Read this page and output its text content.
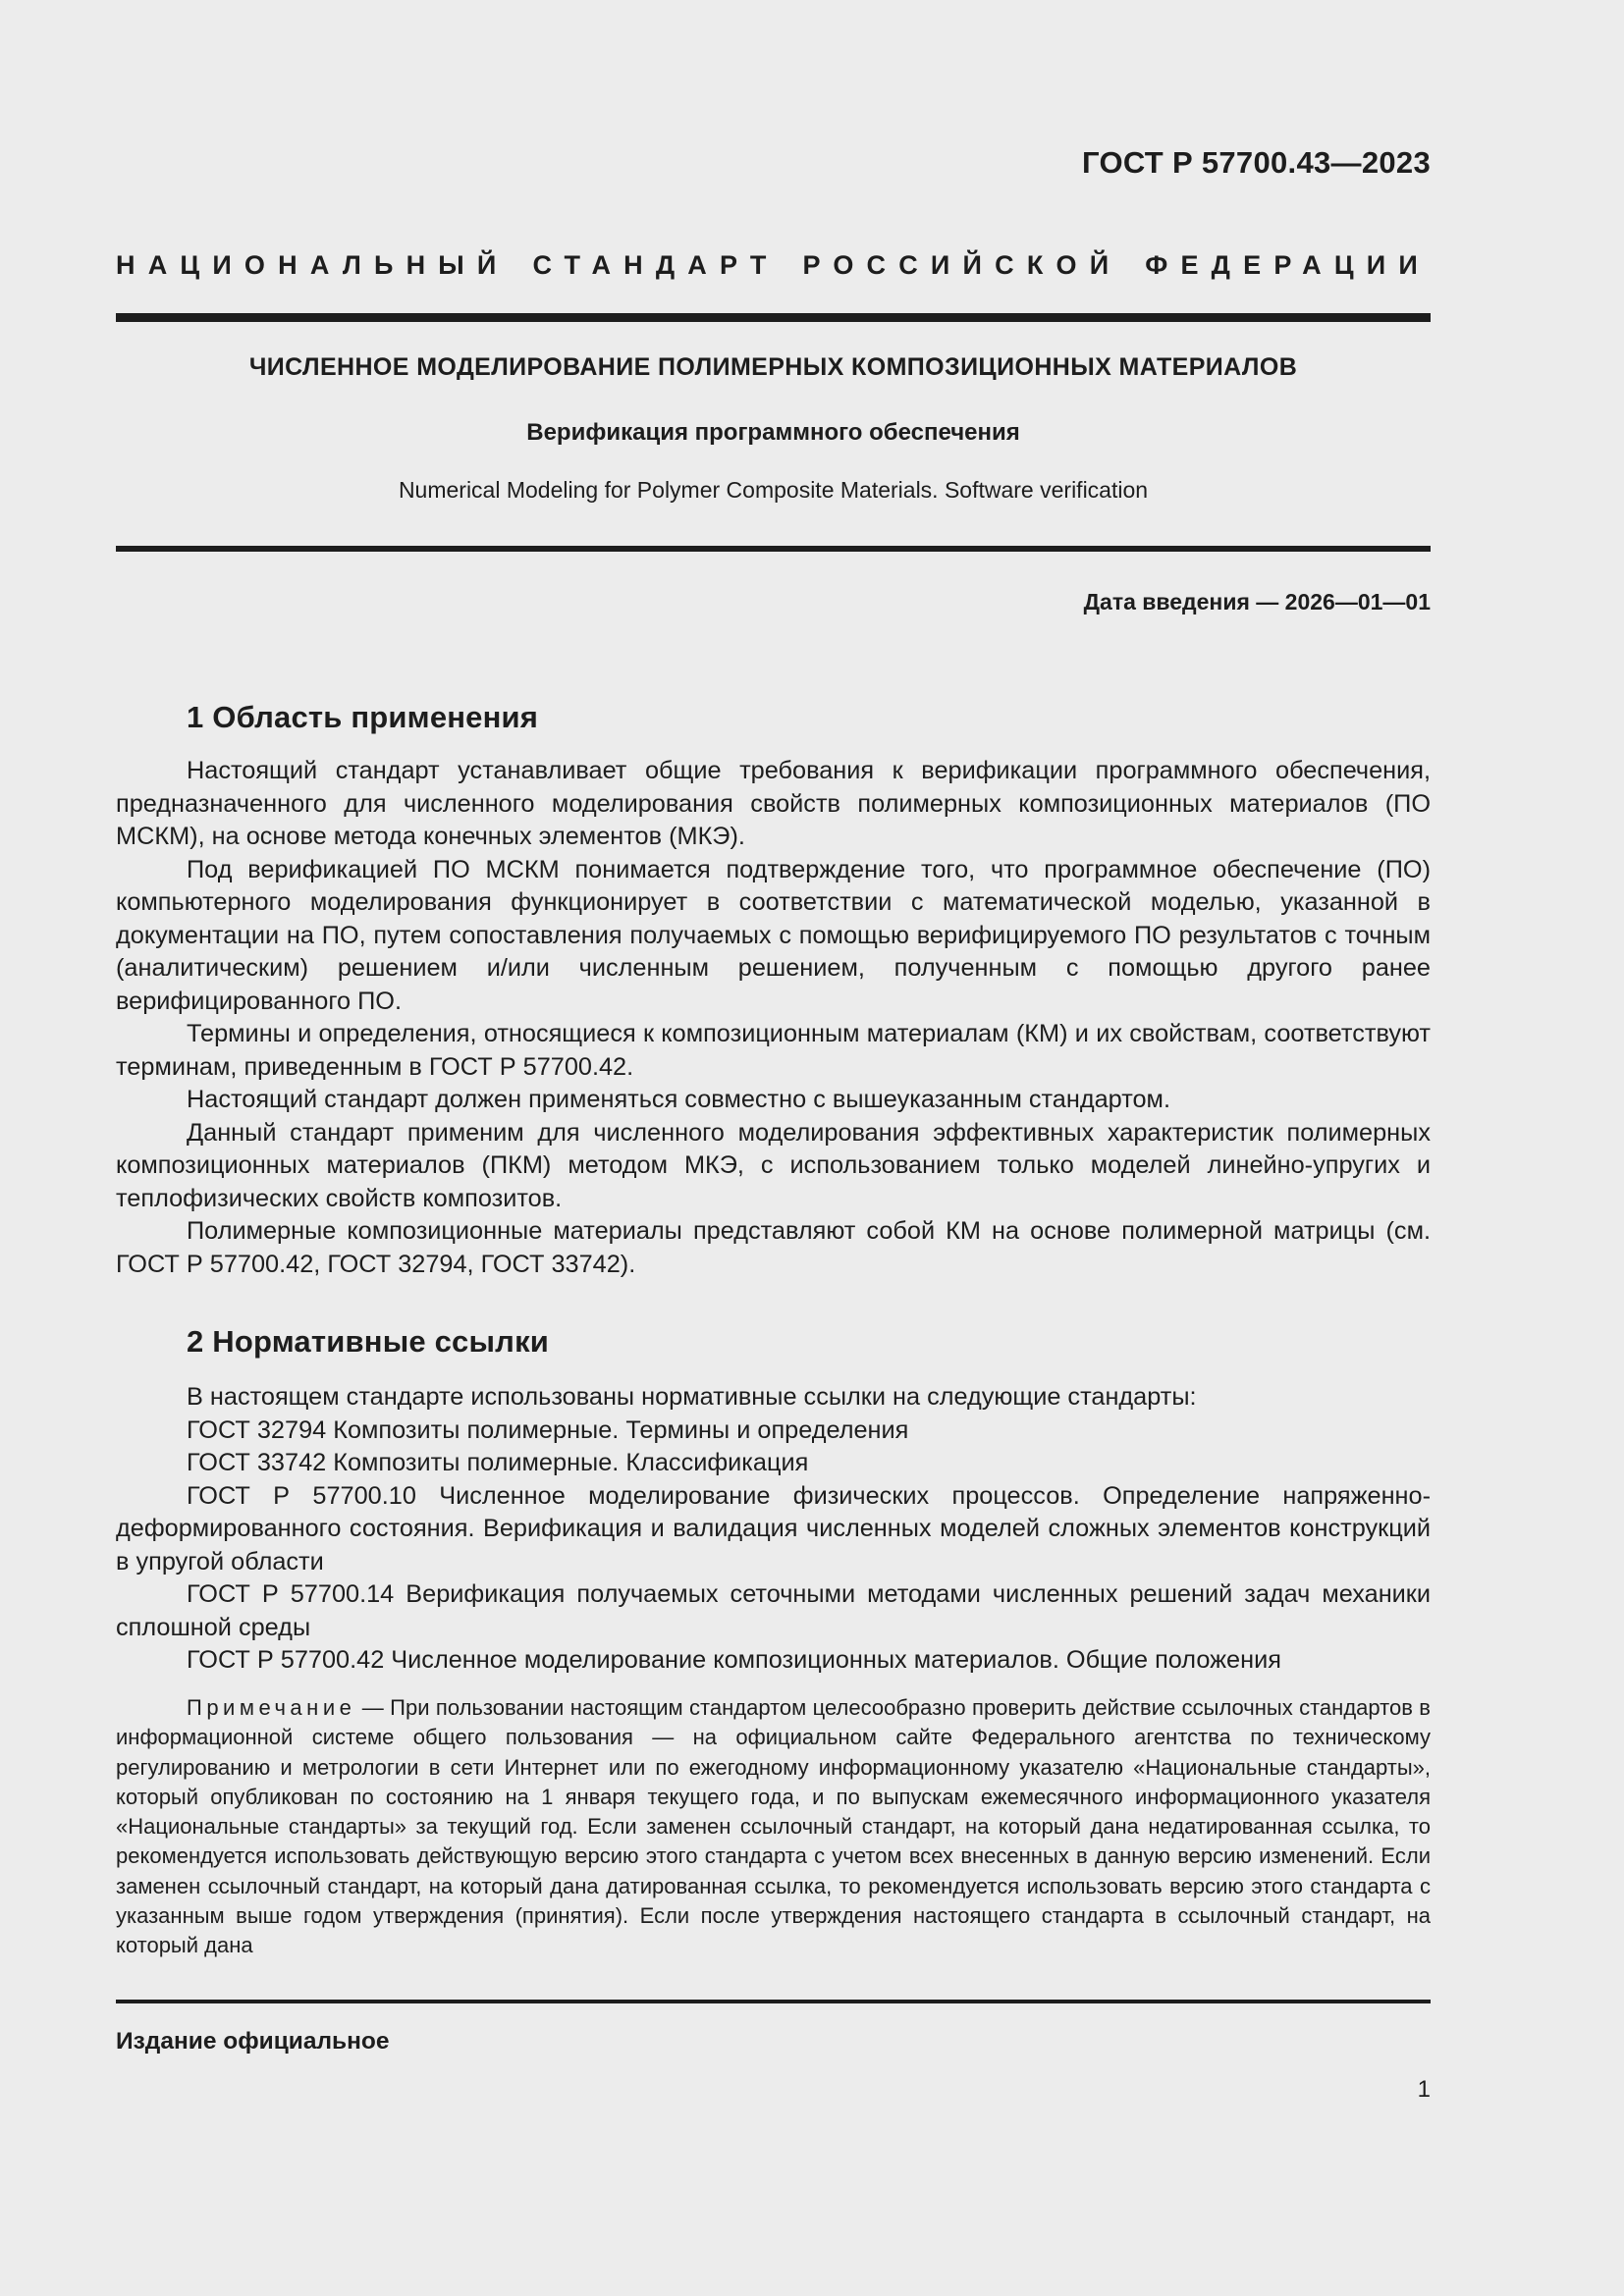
ГОСТ Р 57700.43—2023
НАЦИОНАЛЬНЫЙ СТАНДАРТ РОССИЙСКОЙ ФЕДЕРАЦИИ
ЧИСЛЕННОЕ МОДЕЛИРОВАНИЕ ПОЛИМЕРНЫХ КОМПОЗИЦИОННЫХ МАТЕРИАЛОВ
Верификация программного обеспечения
Numerical Modeling for Polymer Composite Materials. Software verification
Дата введения — 2026—01—01
1 Область применения

Настоящий стандарт устанавливает общие требования к верификации программного обеспечения, предназначенного для численного моделирования свойств полимерных композиционных материалов (ПО МСКМ), на основе метода конечных элементов (МКЭ).

Под верификацией ПО МСКМ понимается подтверждение того, что программное обеспечение (ПО) компьютерного моделирования функционирует в соответствии с математической моделью, указанной в документации на ПО, путем сопоставления получаемых с помощью верифицируемого ПО результатов с точным (аналитическим) решением и/или численным решением, полученным с помощью другого ранее верифицированного ПО.

Термины и определения, относящиеся к композиционным материалам (КМ) и их свойствам, соответствуют терминам, приведенным в ГОСТ Р 57700.42.

Настоящий стандарт должен применяться совместно с вышеуказанным стандартом.

Данный стандарт применим для численного моделирования эффективных характеристик полимерных композиционных материалов (ПКМ) методом МКЭ, с использованием только моделей линейно-упругих и теплофизических свойств композитов.

Полимерные композиционные материалы представляют собой КМ на основе полимерной матрицы (см. ГОСТ Р 57700.42, ГОСТ 32794, ГОСТ 33742).

2 Нормативные ссылки

В настоящем стандарте использованы нормативные ссылки на следующие стандарты:

ГОСТ 32794 Композиты полимерные. Термины и определения

ГОСТ 33742 Композиты полимерные. Классификация

ГОСТ Р 57700.10 Численное моделирование физических процессов. Определение напряженно-деформированного состояния. Верификация и валидация численных моделей сложных элементов конструкций в упругой области

ГОСТ Р 57700.14 Верификация получаемых сеточными методами численных решений задач механики сплошной среды

ГОСТ Р 57700.42 Численное моделирование композиционных материалов. Общие положения

Примечание — При пользовании настоящим стандартом целесообразно проверить действие ссылочных стандартов в информационной системе общего пользования — на официальном сайте Федерального агентства по техническому регулированию и метрологии в сети Интернет или по ежегодному информационному указателю «Национальные стандарты», который опубликован по состоянию на 1 января текущего года, и по выпускам ежемесячного информационного указателя «Национальные стандарты» за текущий год. Если заменен ссылочный стандарт, на который дана недатированная ссылка, то рекомендуется использовать действующую версию этого стандарта с учетом всех внесенных в данную версию изменений. Если заменен ссылочный стандарт, на который дана датированная ссылка, то рекомендуется использовать версию этого стандарта с указанным выше годом утверждения (принятия). Если после утверждения настоящего стандарта в ссылочный стандарт, на который дана

Издание официальное
1
